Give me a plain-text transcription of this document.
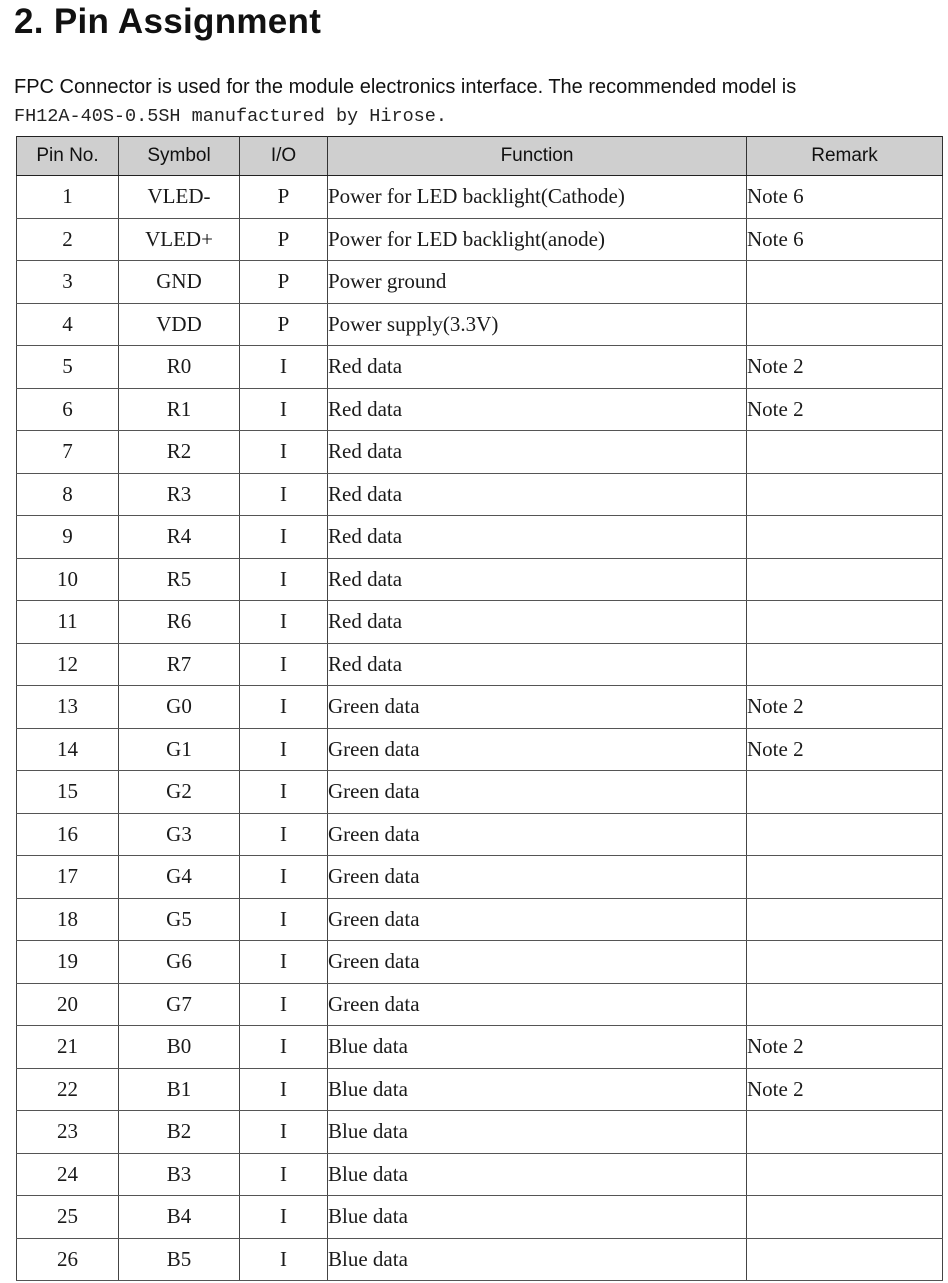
2. Pin Assignment
FPC Connector is used for the module electronics interface. The recommended model is
FH12A-40S-0.5SH manufactured by Hirose.
Pin No.	Symbol	I/O	Function	Remark
1	VLED-	P	Power for LED backlight(Cathode)	Note 6
2	VLED+	P	Power for LED backlight(anode)	Note 6
3	GND	P	Power ground	
4	VDD	P	Power supply(3.3V)	
5	R0	I	Red data	Note 2
6	R1	I	Red data	Note 2
7	R2	I	Red data	
8	R3	I	Red data	
9	R4	I	Red data	
10	R5	I	Red data	
11	R6	I	Red data	
12	R7	I	Red data	
13	G0	I	Green data	Note 2
14	G1	I	Green data	Note 2
15	G2	I	Green data	
16	G3	I	Green data	
17	G4	I	Green data	
18	G5	I	Green data	
19	G6	I	Green data	
20	G7	I	Green data	
21	B0	I	Blue data	Note 2
22	B1	I	Blue data	Note 2
23	B2	I	Blue data	
24	B3	I	Blue data	
25	B4	I	Blue data	
26	B5	I	Blue data	
